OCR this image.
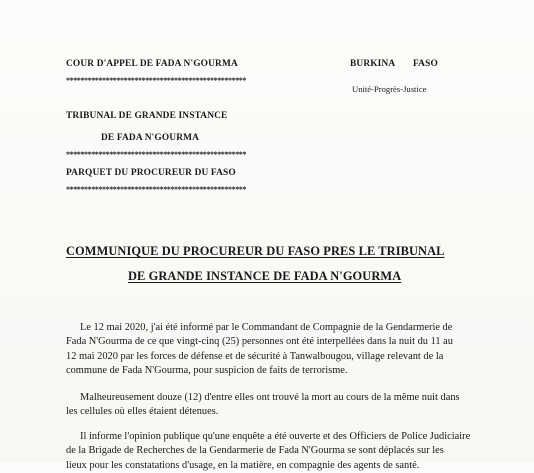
COUR D'APPEL DE FADA N'GOURMA
**************************************************
TRIBUNAL DE GRANDE INSTANCE
DE FADA N'GOURMA
**************************************************
PARQUET DU PROCUREUR DU FASO
**************************************************
BURKINA FASO
Unité-Progrès-Justice
COMMUNIQUE DU PROCUREUR DU FASO PRES LE TRIBUNAL
DE GRANDE INSTANCE DE FADA N'GOURMA
Le 12 mai 2020, j'ai été informé par le Commandant de Compagnie de la Gendarmerie de
Fada N'Gourma de ce que vingt-cinq (25) personnes ont été interpellées dans la nuit du 11 au
12 mai 2020 par les forces de défense et de sécurité à Tanwalbougou, village relevant de la
commune de Fada N'Gourma, pour suspicion de faits de terrorisme.
Malheureusement douze (12) d'entre elles ont trouvé la mort au cours de la même nuit dans
les cellules où elles étaient détenues.
Il informe l'opinion publique qu'une enquête a été ouverte et des Officiers de Police Judiciaire
de la Brigade de Recherches de la Gendarmerie de Fada N'Gourma se sont déplacés sur les
lieux pour les constatations d'usage, en la matière, en compagnie des agents de santé.
